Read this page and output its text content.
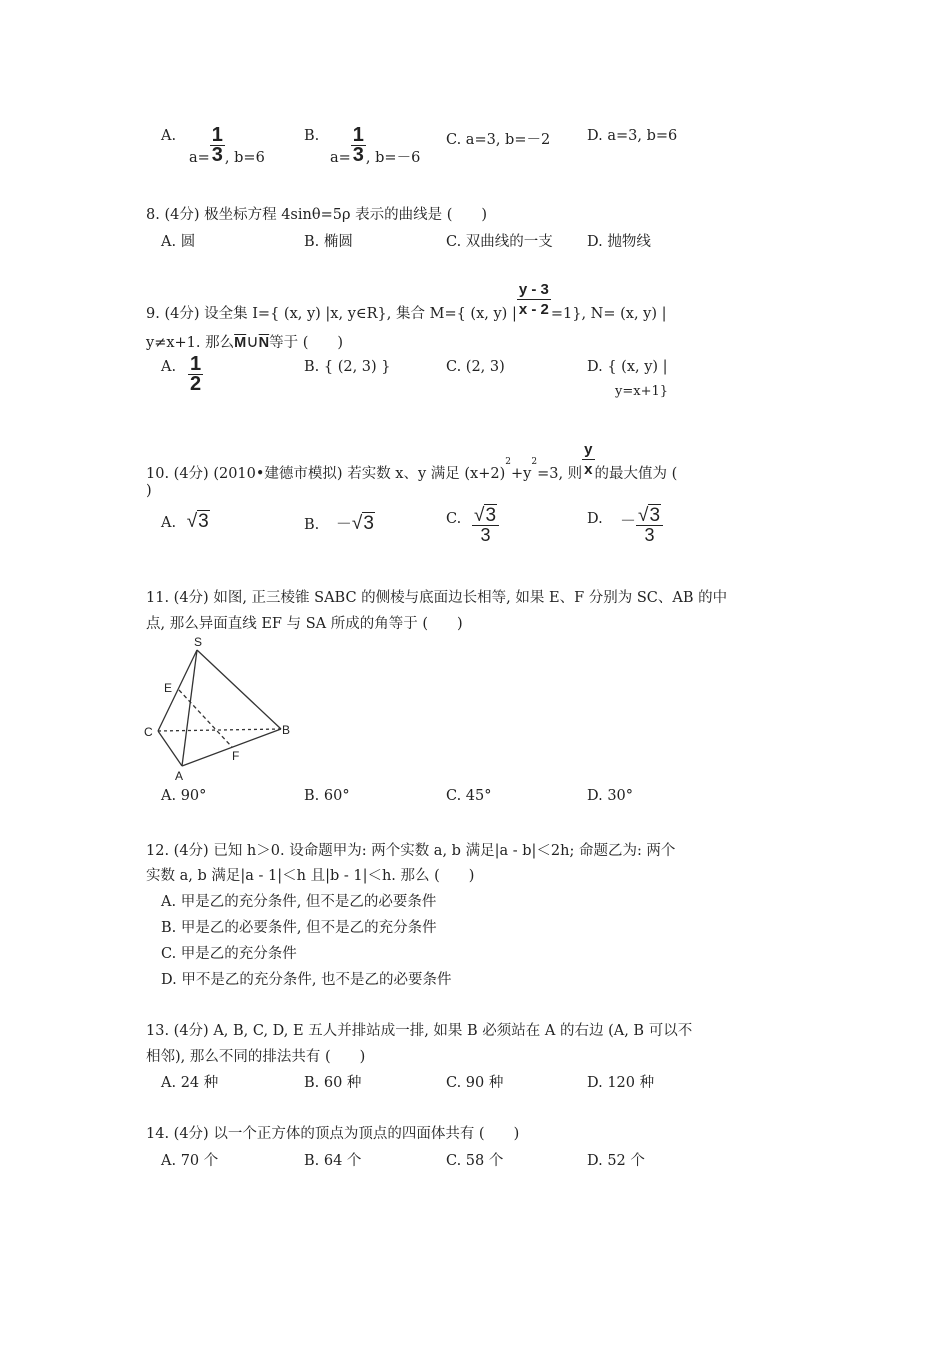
A.
$a= \frac{1}{3}$ , b=6
B.
$a= \frac{1}{3}$ , b=－6
C. a=3, b=－2	D. a=3, b=6
8. (4分) 极坐标方程 4sinθ=5ρ 表示的曲线是 (　　)
A. 圆	B. 椭圆	C. 双曲线的一支 D. 抛物线
9. (4分) 设全集 I={ (x, y) |x, y∈R}, 集合 M={ (x, y) | $\frac{y - 3}{x - 2} =1$}, N= (x, y) |
y≠x+1. 那么$\overline{M}\cup\overline{N}$等于 (　　)
A. $\frac{1}{2}$	B. { (2, 3) }	C. (2, 3)	D. { (x, y) |
y=x+1}
10. (4分) (2010•建德市模拟) 若实数 x、y 满足 $(x+2)^2+y^2=3$, 则 $\frac{y}{x}$ 的最大值为 (
)
A. √3	B. －√3	C. $\frac{√3}{3}$	D. － $\frac{√3}{3}$
11. (4分) 如图, 正三棱锥 SABC 的侧棱与底面边长相等, 如果 E、F 分别为 SC、AB 的中
点, 那么异面直线 EF 与 SA 所成的角等于 (　　)
S
E
C	B
F
A
A. 90°	B. 60°	C. 45°	D. 30°
12. (4分) 已知 h＞0. 设命题甲为: 两个实数 a, b 满足|a - b|＜2h; 命题乙为: 两个
实数 a, b 满足|a - 1|＜h 且|b - 1|＜h. 那么 (　　)
A. 甲是乙的充分条件, 但不是乙的必要条件
B. 甲是乙的必要条件, 但不是乙的充分条件
C. 甲是乙的充分条件
D. 甲不是乙的充分条件, 也不是乙的必要条件
13. (4分) A, B, C, D, E 五人并排站成一排, 如果 B 必须站在 A 的右边 (A, B 可以不
相邻), 那么不同的排法共有 (　　)
A. 24 种	B. 60 种	C. 90 种	D. 120 种
14. (4分) 以一个正方体的顶点为顶点的四面体共有 (　　)
A. 70 个	B. 64 个	C. 58 个	D. 52 个
